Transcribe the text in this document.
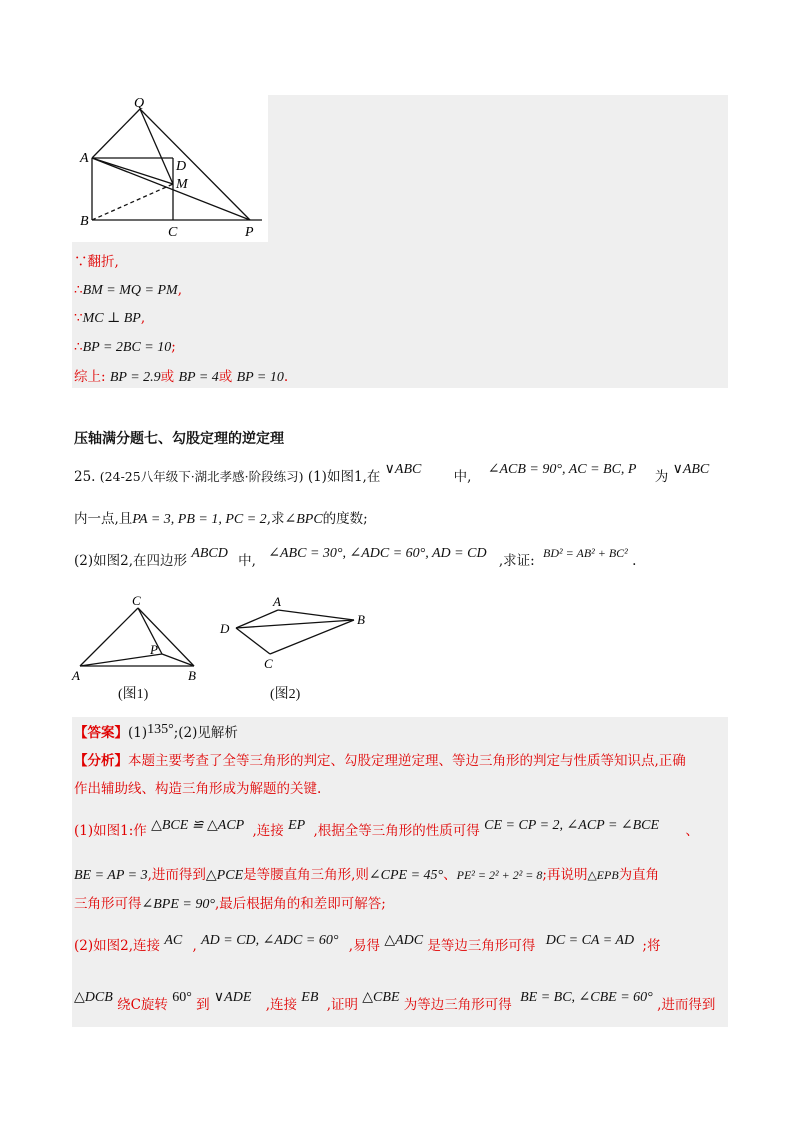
Q
A
D
M
B
C	P
∵翻折,
∴BM = MQ = PM,
∵MC ⊥ BP,
∴BP = 2BC = 10;
综上: BP = 2.9或 BP = 4或 BP = 10.
压轴满分题七、勾股定理的逆定理
25. (24-25八年级下·湖北孝感·阶段练习) (1)如图1,在 ∨ABC 中, ∠ACB = 90°, AC = BC, P 为 ∨ABC
内一点,且PA = 3, PB = 1, PC = 2,求∠BPC的度数;
(2)如图2,在四边形 ABCD 中, ∠ABC = 30°, ∠ADC = 60°, AD = CD ,求证: BD² = AB² + BC² .
C
P
A	B
(图1)
A
B
D
C
(图2)
【答案】(1)135°;(2)见解析
【分析】本题主要考查了全等三角形的判定、勾股定理逆定理、等边三角形的判定与性质等知识点,正确
作出辅助线、构造三角形成为解题的关键.
(1)如图1:作 △BCE ≌ △ACP ,连接 EP ,根据全等三角形的性质可得 CE = CP = 2, ∠ACP = ∠BCE 、
BE = AP = 3,进而得到△PCE是等腰直角三角形,则∠CPE = 45°、PE² = 2² + 2² = 8;再说明△EPB为直角
三角形可得∠BPE = 90°,最后根据角的和差即可解答;
(2)如图2,连接 AC , AD = CD, ∠ADC = 60° ,易得 △ADC 是等边三角形可得 DC = CA = AD ;将
△DCB 绕C旋转 60° 到 ∨ADE ,连接 EB ,证明 △CBE 为等边三角形可得 BE = BC, ∠CBE = 60° ,进而得到
